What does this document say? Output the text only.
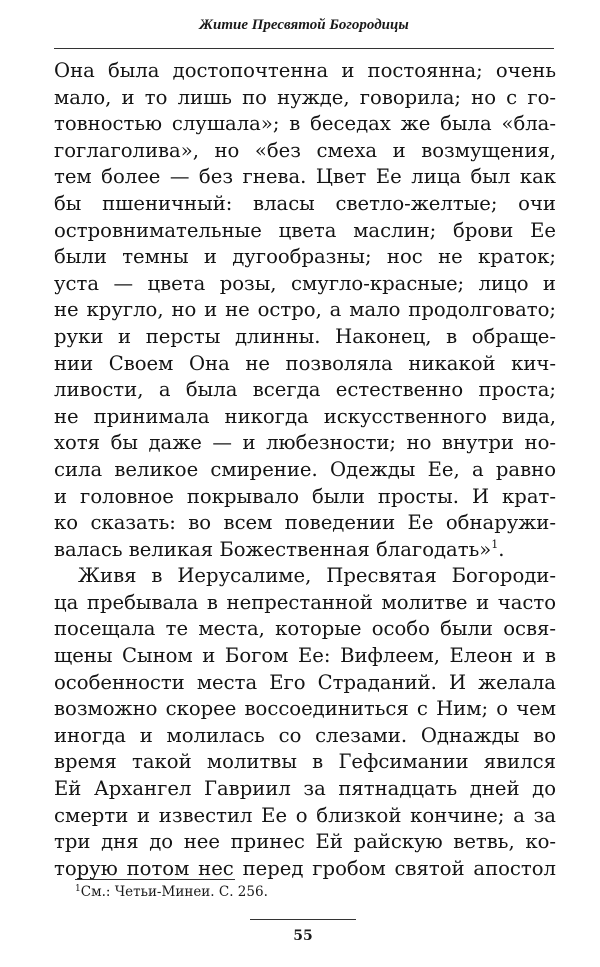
Житие Пресвятой Богородицы
Она была достопочтенна и постоянна; очень
мало, и то лишь по нужде, говорила; но с го-
товностью слушала»; в беседах же была «бла-
гоглаголива», но «без смеха и возмущения,
тем более — без гнева. Цвет Ее лица был как
бы пшеничный: власы светло-желтые; очи
островнимательные цвета маслин; брови Ее
были темны и дугообразны; нос не краток;
уста — цвета розы, смугло-красные; лицо и
не кругло, но и не остро, а мало продолговато;
руки и персты длинны. Наконец, в обраще-
нии Своем Она не позволяла никакой кич-
ливости, а была всегда естественно проста;
не принимала никогда искусственного вида,
хотя бы даже — и любезности; но внутри но-
сила великое смирение. Одежды Ее, а равно
и головное покрывало были просты. И крат-
ко сказать: во всем поведении Ее обнаружи-
валась великая Божественная благодать»$^1$.
Живя в Иерусалиме, Пресвятая Богороди-
ца пребывала в непрестанной молитве и часто
посещала те места, которые особо были освя-
щены Сыном и Богом Ее: Вифлеем, Елеон и в
особенности места Его Страданий. И желала
возможно скорее воссоединиться с Ним; о чем
иногда и молилась со слезами. Однажды во
время такой молитвы в Гефсимании явился
Ей Архангел Гавриил за пятнадцать дней до
смерти и известил Ее о близкой кончине; а за
три дня до нее принес Ей райскую ветвь, ко-
торую потом нес перед гробом святой апостол
$^1$См.: Четьи-Минеи. С. 256.
55
